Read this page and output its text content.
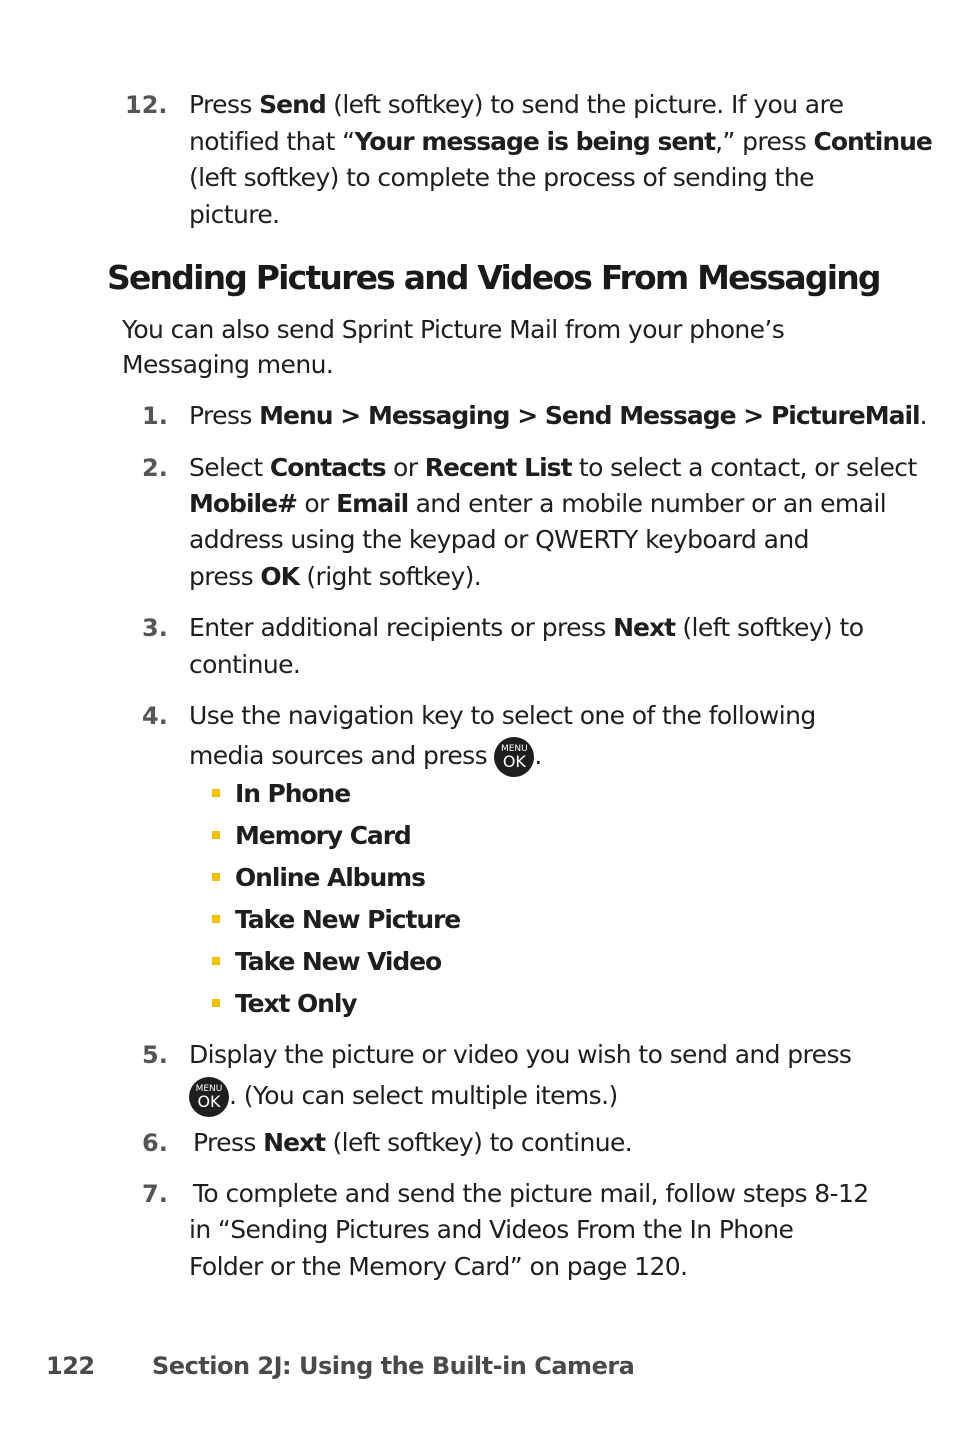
12. Press Send (left softkey) to send the picture. If you are
notified that “Your message is being sent,” press Continue
(left softkey) to complete the process of sending the
picture.
Sending Pictures and Videos From Messaging
You can also send Sprint Picture Mail from your phone’s
Messaging menu.
1. Press Menu > Messaging > Send Message > PictureMail.
2. Select Contacts or Recent List to select a contact, or select
Mobile# or Email and enter a mobile number or an email
address using the keypad or QWERTY keyboard and
press OK (right softkey).
3. Enter additional recipients or press Next (left softkey) to
continue.
4. Use the navigation key to select one of the following
media sources and press MENU
OK .
In Phone
Memory Card
Online Albums
Take New Picture
Take New Video
Text Only
5. Display the picture or video you wish to send and press
MENU
OK . (You can select multiple items.)
6. Press Next (left softkey) to continue.
7. To complete and send the picture mail, follow steps 8-12
in “Sending Pictures and Videos From the In Phone
Folder or the Memory Card” on page 120.
122 Section 2J: Using the Built-in Camera
